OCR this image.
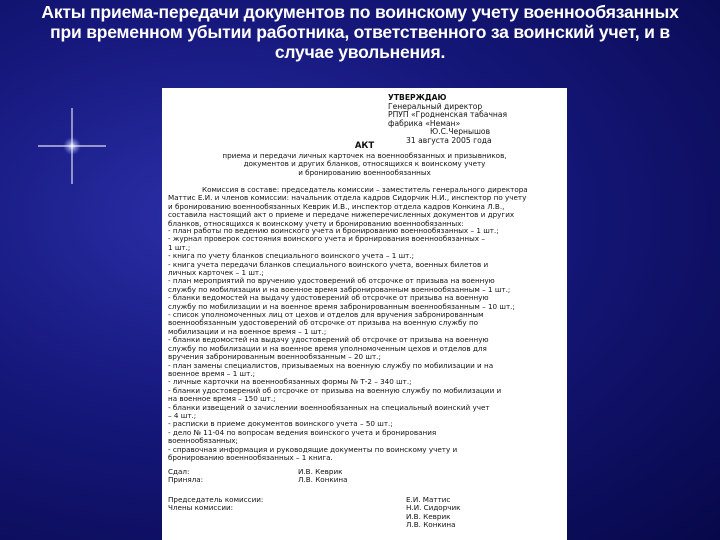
Акты приема-передачи документов по воинскому учету военнообязанных
при временном убытии работника, ответственного за воинский учет, и в
случае увольнения.
УТВЕРЖДАЮ
Генеральный директор
РПУП «Гродненская табачная
фабрика «Неман»
Ю.С.Чернышов
31 августа 2005 года
АКТ
приема и передачи личных карточек на военнообязанных и призывников,
документов и других бланков, относящихся к воинскому учету
и бронированию военнообязанных
Комиссия в составе: председатель комиссии – заместитель генерального директора
Маттис Е.И. и членов комиссии: начальник отдела кадров Сидорчик Н.И., инспектор по учету
и бронированию военнообязанных Кеврик И.В., инспектор отдела кадров Конкина Л.В.,
составила настоящий акт о приеме и передаче нижеперечисленных документов и других
бланков, относящихся к воинскому учету и бронированию военнообязанных:
- план работы по ведению воинского учета и бронированию военнообязанных – 1 шт.;
- журнал проверок состояния воинского учета и бронирования военнообязанных –
1 шт.;
- книга по учету бланков специального воинского учета – 1 шт.;
- книга учета передачи бланков специального воинского учета, военных билетов и
личных карточек – 1 шт.;
- план мероприятий по вручению удостоверений об отсрочке от призыва на военную
службу по мобилизации и на военное время забронированным военнообязанным – 1 шт.;
- бланки ведомостей на выдачу удостоверений об отсрочке от призыва на военную
службу по мобилизации и на военное время забронированным военнообязанным – 10 шт.;
- список уполномоченных лиц от цехов и отделов для вручения забронированным
военнообязанным удостоверений об отсрочке от призыва на военную службу по
мобилизации и на военное время – 1 шт.;
- бланки ведомостей на выдачу удостоверений об отсрочке от призыва на военную
службу по мобилизации и на военное время уполномоченным цехов и отделов для
вручения забронированным военнообязанным – 20 шт.;
- план замены специалистов, призываемых на военную службу по мобилизации и на
военное время – 1 шт.;
- личные карточки на военнообязанных формы № Т-2 – 340 шт.;
- бланки удостоверений об отсрочке от призыва на военную службу по мобилизации и
на военное время – 150 шт.;
- бланки извещений о зачислении военнообязанных на специальный воинский учет
– 4 шт.;
- расписки в приеме документов воинского учета – 50 шт.;
- дело № 11-04 по вопросам ведения воинского учета и бронирования
военнообязанных;
- справочная информация и руководящие документы по воинскому учету и
бронированию военнообязанных – 1 книга.
Сдал:	И.В. Кеврик
Приняла:	Л.В. Конкина
Председатель комиссии:	Е.И. Маттис
Члены комиссии:	Н.И. Сидорчик
И.В. Кеврик
Л.В. Конкина
